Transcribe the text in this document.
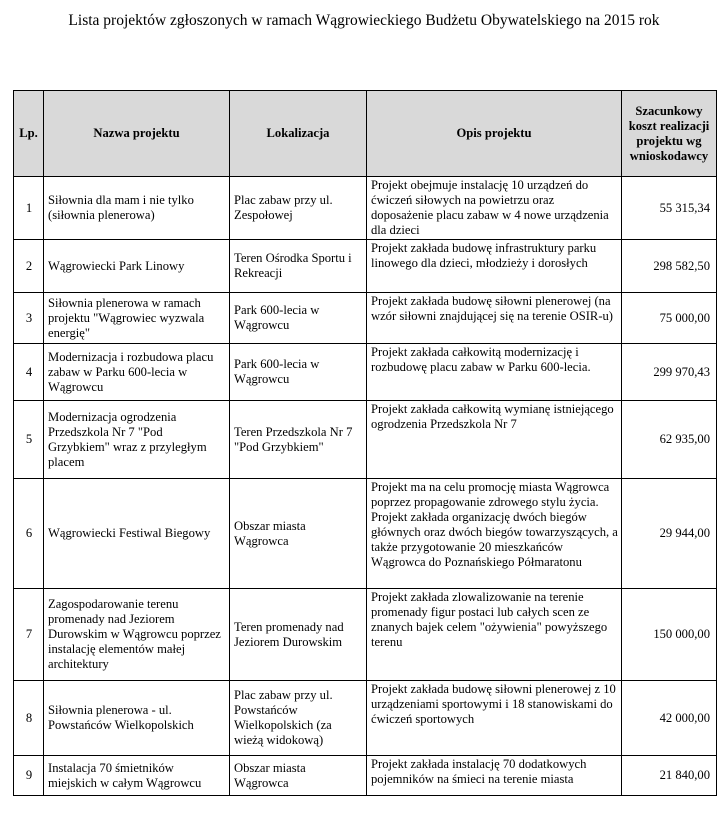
Lista projektów zgłoszonych w ramach Wągrowieckiego Budżetu Obywatelskiego na 2015 rok
Lp.	Nazwa projektu	Lokalizacja	Opis projektu	Szacunkowy koszt realizacji projektu wg wnioskodawcy
1	Siłownia dla mam i nie tylko (siłownia plenerowa)	Plac zabaw przy ul. Zespołowej	Projekt obejmuje instalację 10 urządzeń do ćwiczeń siłowych na powietrzu oraz doposażenie placu zabaw w 4 nowe urządzenia dla dzieci	55 315,34
2	Wągrowiecki Park Linowy	Teren Ośrodka Sportu i Rekreacji	Projekt zakłada budowę infrastruktury parku linowego dla dzieci, młodzieży i dorosłych	298 582,50
3	Siłownia plenerowa w ramach projektu "Wągrowiec wyzwala energię"	Park 600-lecia w Wągrowcu	Projekt zakłada budowę siłowni plenerowej (na wzór siłowni znajdującej się na terenie OSIR-u)	75 000,00
4	Modernizacja i rozbudowa placu zabaw w Parku 600-lecia w Wągrowcu	Park 600-lecia w Wągrowcu	Projekt zakłada całkowitą modernizację i rozbudowę placu zabaw w Parku 600-lecia.	299 970,43
5	Modernizacja ogrodzenia Przedszkola Nr 7 "Pod Grzybkiem" wraz z przyległym placem	Teren Przedszkola Nr 7 "Pod Grzybkiem"	Projekt zakłada całkowitą wymianę istniejącego ogrodzenia Przedszkola Nr 7	62 935,00
6	Wągrowiecki Festiwal Biegowy	Obszar miasta Wągrowca	Projekt ma na celu promocję miasta Wągrowca poprzez propagowanie zdrowego stylu życia. Projekt zakłada organizację dwóch biegów głównych oraz dwóch biegów towarzyszących, a także przygotowanie 20 mieszkańców Wągrowca do Poznańskiego Półmaratonu	29 944,00
7	Zagospodarowanie terenu promenady nad Jeziorem Durowskim w Wągrowcu poprzez instalację elementów małej architektury	Teren promenady nad Jeziorem Durowskim	Projekt zakłada zlowalizowanie na terenie promenady figur postaci lub całych scen ze znanych bajek celem "ożywienia" powyższego terenu	150 000,00
8	Siłownia plenerowa - ul. Powstańców Wielkopolskich	Plac zabaw przy ul. Powstańców Wielkopolskich (za wieżą widokową)	Projekt zakłada budowę siłowni plenerowej z 10 urządzeniami sportowymi i 18 stanowiskami do ćwiczeń sportowych	42 000,00
9	Instalacja 70 śmietników miejskich w całym Wągrowcu	Obszar miasta Wągrowca	Projekt zakłada instalację 70 dodatkowych pojemników na śmieci na terenie miasta	21 840,00
